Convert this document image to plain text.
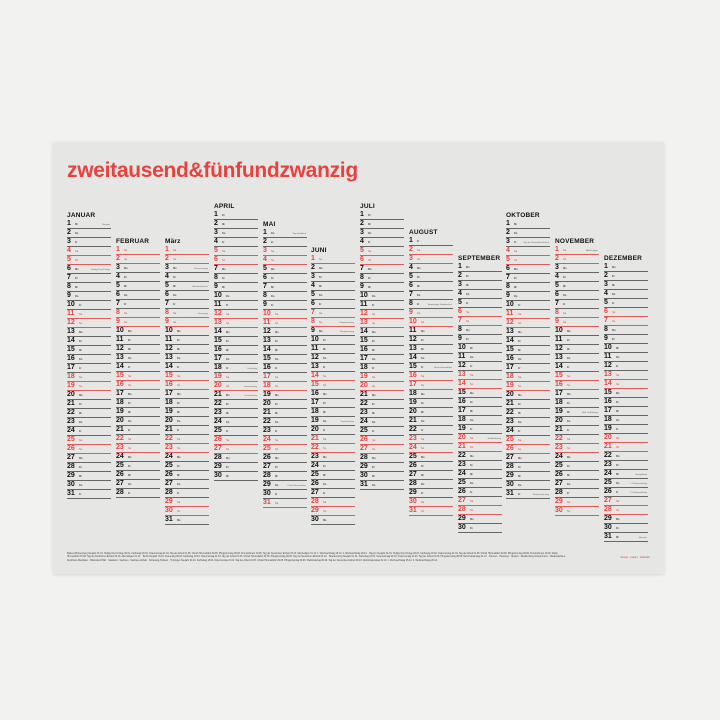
zweitausend&fünfundzwanzig
JANUAR
1 Mi	Neujahr
2 Do
3 Fr
4 Sa
5 So
6 Mo	Heilige Drei Könige
7 Di
8 Mi
9 Do
10 Fr
11 Sa
12 So
13 Mo
14 Di
15 Mi
16 Do
17 Fr
18 Sa
19 So
20 Mo
21 Di
22 Mi
23 Do
24 Fr
25 Sa
26 So
27 Mo
28 Di
29 Mi
30 Do
31 Fr
FEBRUAR
1 Sa
2 So
3 Mo
4 Di
5 Mi
6 Do
7 Fr
8 Sa
9 So
10 Mo
11 Di
12 Mi
13 Do
14 Fr
15 Sa
16 So
17 Mo
18 Di
19 Mi
20 Do
21 Fr
22 Sa
23 So
24 Mo
25 Di
26 Mi
27 Do
28 Fr
März
1 Sa
2 So
3 Mo	Rosenmontag
4 Di
5 Mi	Aschermittwoch
6 Do
7 Fr
8 Sa	Frauentag
9 So
10 Mo
11 Di
12 Mi
13 Do
14 Fr
15 Sa
16 So
17 Mo
18 Di
19 Mi
20 Do
21 Fr
22 Sa
23 So
24 Mo
25 Di
26 Mi
27 Do
28 Fr
29 Sa
30 So
31 Mo
APRIL
1 Di
2 Mi
3 Do
4 Fr
5 Sa
6 So
7 Mo
8 Di
9 Mi
10 Do
11 Fr
12 Sa
13 So
14 Mo
15 Di
16 Mi
17 Do
18 Fr	Karfreitag
19 Sa
20 So	Ostersonntag
21 Mo	Ostermontag
22 Di
23 Mi
24 Do
25 Fr
26 Sa
27 So
28 Mo
29 Di
30 Mi
MAI
1 Do	Tag der Arbeit
2 Fr
3 Sa
4 So
5 Mo
6 Di
7 Mi
8 Do
9 Fr
10 Sa
11 So
12 Mo
13 Di
14 Mi
15 Do
16 Fr
17 Sa
18 So
19 Mo
20 Di
21 Mi
22 Do
23 Fr
24 Sa
25 So
26 Mo
27 Di
28 Mi
29 Do	Christi Himmelfahrt
30 Fr
31 Sa
JUNI
1 So
2 Mo
3 Di
4 Mi
5 Do
6 Fr
7 Sa
8 So	Pfingstsonntag
9 Mo	Pfingstmontag
10 Di
11 Mi
12 Do
13 Fr
14 Sa
15 So
16 Mo
17 Di
18 Mi
19 Do	Fronleichnam
20 Fr
21 Sa
22 So
23 Mo
24 Di
25 Mi
26 Do
27 Fr
28 Sa
29 So
30 Mo
JULI
1 Di
2 Mi
3 Do
4 Fr
5 Sa
6 So
7 Mo
8 Di
9 Mi
10 Do
11 Fr
12 Sa
13 So
14 Mo
15 Di
16 Mi
17 Do
18 Fr
19 Sa
20 So
21 Mo
22 Di
23 Mi
24 Do
25 Fr
26 Sa
27 So
28 Mo
29 Di
30 Mi
31 Do
AUGUST
1 Fr
2 Sa
3 So
4 Mo
5 Di
6 Mi
7 Do
8 Fr	Augsburger Friedensfest
9 Sa
10 So
11 Mo
12 Di
13 Mi
14 Do
15 Fr	Mariä Himmelfahrt
16 Sa
17 So
18 Mo
19 Di
20 Mi
21 Do
22 Fr
23 Sa
24 So
25 Mo
26 Di
27 Mi
28 Do
29 Fr
30 Sa
31 So
SEPTEMBER
1 Mo
2 Di
3 Mi
4 Do
5 Fr
6 Sa
7 So
8 Mo
9 Di
10 Mi
11 Do
12 Fr
13 Sa
14 So
15 Mo
16 Di
17 Mi
18 Do
19 Fr
20 Sa	Weltkindertag
21 So
22 Mo
23 Di
24 Mi
25 Do
26 Fr
27 Sa
28 So
29 Mo
30 Di
OKTOBER
1 Mi
2 Do
3 Fr	Tag der Deutschen Einheit
4 Sa
5 So
6 Mo
7 Di
8 Mi
9 Do
10 Fr
11 Sa
12 So
13 Mo
14 Di
15 Mi
16 Do
17 Fr
18 Sa
19 So
20 Mo
21 Di
22 Mi
23 Do
24 Fr
25 Sa
26 So
27 Mo
28 Di
29 Mi
30 Do
31 Fr	Reformationstag
NOVEMBER
1 Sa	Allerheiligen
2 So
3 Mo
4 Di
5 Mi
6 Do
7 Fr
8 Sa
9 So
10 Mo
11 Di
12 Mi
13 Do
14 Fr
15 Sa
16 So
17 Mo
18 Di
19 Mi	Buß- und Bettag
20 Do
21 Fr
22 Sa
23 So
24 Mo
25 Di
26 Mi
27 Do
28 Fr
29 Sa
30 So
DEZEMBER
1 Mo
2 Di
3 Mi
4 Do
5 Fr
6 Sa
7 So
8 Mo
9 Di
10 Mi
11 Do
12 Fr
13 Sa
14 So
15 Mo
16 Di
17 Mi
18 Do
19 Fr
20 Sa
21 So
22 Mo
23 Di
24 Mi	Heiligabend
25 Do	1. Weihnachtstag
26 Fr	2. Weihnachtstag
27 Sa
28 So
29 Mo
30 Di
31 Mi	Silvester
Baden-Württemberg Neujahr 01.01. Heilige Drei Könige 06.01. Karfreitag 18.04. Ostermontag 21.04. Tag der Arbeit 01.05. Christi Himmelfahrt 29.05. Pfingstmontag 09.06. Fronleichnam 19.06. Tag der Deutschen Einheit 03.10. Allerheiligen 01.11. 1. Weihnachtstag 25.12. 2. Weihnachtstag 26.12. · Bayern Neujahr 01.01. Heilige Drei Könige 06.01. Karfreitag 18.04. Ostermontag 21.04. Tag der Arbeit 01.05. Christi Himmelfahrt 29.05. Pfingstmontag 09.06. Fronleichnam 19.06. Mariä Himmelfahrt 15.08. Tag der Deutschen Einheit 03.10. Allerheiligen 01.11. · Berlin Neujahr 01.01. Frauentag 08.03. Karfreitag 18.04. Ostermontag 21.04. Tag der Arbeit 01.05. Christi Himmelfahrt 29.05. Pfingstmontag 09.06. Tag der Deutschen Einheit 03.10. · Brandenburg Neujahr 01.01. Karfreitag 18.04. Ostersonntag 20.04. Ostermontag 21.04. Tag der Arbeit 01.05. Pfingstsonntag 08.06. Reformationstag 31.10. · Bremen · Hamburg · Hessen · Mecklenburg-Vorpommern · Niedersachsen · Nordrhein-Westfalen · Rheinland-Pfalz · Saarland · Sachsen · Sachsen-Anhalt · Schleswig-Holstein · Thüringen Neujahr 01.01. Karfreitag 18.04. Ostermontag 21.04. Tag der Arbeit 01.05. Christi Himmelfahrt 29.05. Pfingstmontag 09.06. Weltkindertag 20.09. Tag der Deutschen Einheit 03.10. Reformationstag 31.10. 1. Weihnachtstag 25.12. 2. Weihnachtstag 26.12.
design · papier · kalender
